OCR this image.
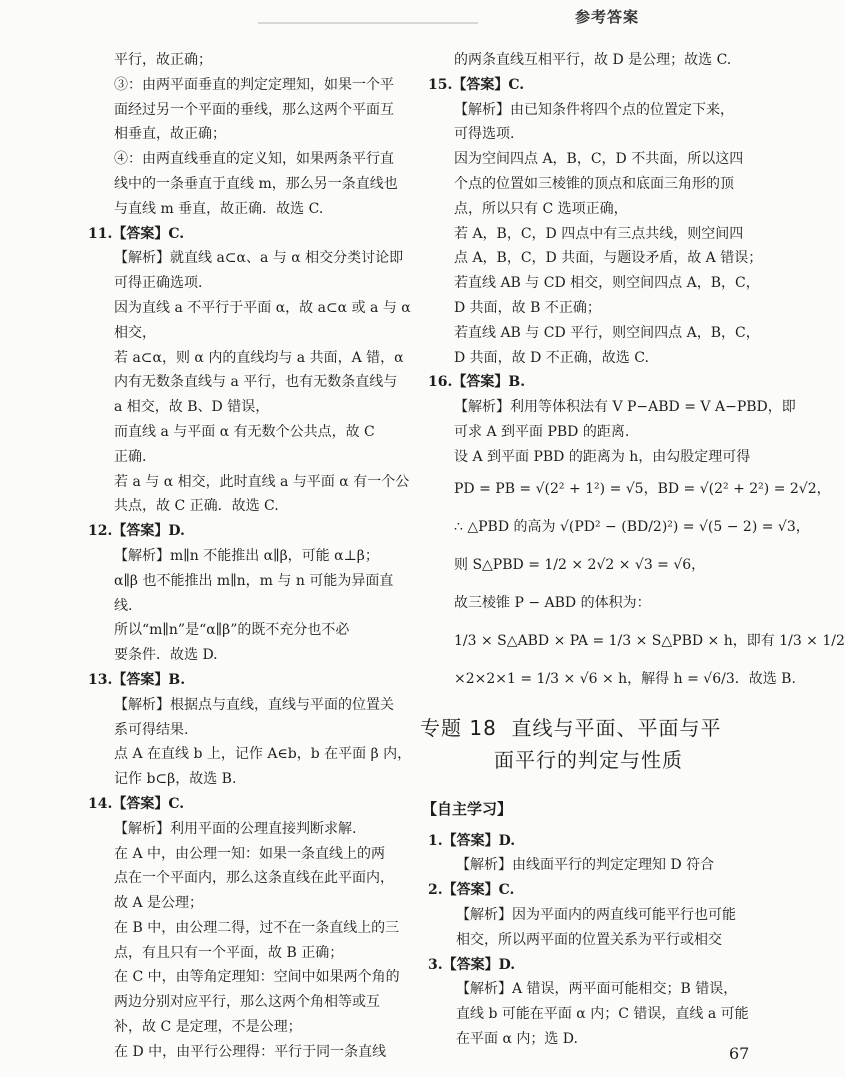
参考答案
平行，故正确；
③：由两平面垂直的判定定理知，如果一个平
面经过另一个平面的垂线，那么这两个平面互
相垂直，故正确；
④：由两直线垂直的定义知，如果两条平行直
线中的一条垂直于直线 m，那么另一条直线也
与直线 m 垂直，故正确．故选 C.
11.【答案】C.
【解析】就直线 a⊂α、a 与 α 相交分类讨论即
可得正确选项.
因为直线 a 不平行于平面 α，故 a⊂α 或 a 与 α
相交，
若 a⊂α，则 α 内的直线均与 a 共面，A 错，α
内有无数条直线与 a 平行，也有无数条直线与
a 相交，故 B、D 错误，
而直线 a 与平面 α 有无数个公共点，故 C
正确.
若 a 与 α 相交，此时直线 a 与平面 α 有一个公
共点，故 C 正确．故选 C.
12.【答案】D.
【解析】m∥n 不能推出 α∥β，可能 α⊥β；
α∥β 也不能推出 m∥n，m 与 n 可能为异面直
线.
所以“m∥n”是“α∥β”的既不充分也不必
要条件．故选 D.
13.【答案】B.
【解析】根据点与直线，直线与平面的位置关
系可得结果.
点 A 在直线 b 上，记作 A∈b，b 在平面 β 内，
记作 b⊂β，故选 B.
14.【答案】C.
【解析】利用平面的公理直接判断求解.
在 A 中，由公理一知：如果一条直线上的两
点在一个平面内，那么这条直线在此平面内，
故 A 是公理；
在 B 中，由公理二得，过不在一条直线上的三
点，有且只有一个平面，故 B 正确；
在 C 中，由等角定理知：空间中如果两个角的
两边分别对应平行，那么这两个角相等或互
补，故 C 是定理，不是公理；
在 D 中，由平行公理得：平行于同一条直线
的两条直线互相平行，故 D 是公理；故选 C.
15.【答案】C.
【解析】由已知条件将四个点的位置定下来，
可得选项.
因为空间四点 A，B，C，D 不共面，所以这四
个点的位置如三棱锥的顶点和底面三角形的顶
点，所以只有 C 选项正确，
若 A，B，C，D 四点中有三点共线，则空间四
点 A，B，C，D 共面，与题设矛盾，故 A 错误；
若直线 AB 与 CD 相交，则空间四点 A，B，C，
D 共面，故 B 不正确；
若直线 AB 与 CD 平行，则空间四点 A，B，C，
D 共面，故 D 不正确，故选 C.
16.【答案】B.
【解析】利用等体积法有 V P−ABD = V A−PBD，即
可求 A 到平面 PBD 的距离.
设 A 到平面 PBD 的距离为 h，由勾股定理可得
PD = PB = √(2² + 1²) = √5，BD = √(2² + 2²) = 2√2，
∴ △PBD 的高为 √(PD² − (BD/2)²) = √(5 − 2) = √3，
则 S△PBD = 1/2 × 2√2 × √3 = √6，
故三棱锥 P − ABD 的体积为：
1/3 × S△ABD × PA = 1/3 × S△PBD × h，即有 1/3 × 1/2
×2×2×1 = 1/3 × √6 × h，解得 h = √6/3．故选 B.
专题 18 直线与平面、平面与平
面平行的判定与性质
【自主学习】
1.【答案】D.
【解析】由线面平行的判定定理知 D 符合
2.【答案】C.
【解析】因为平面内的两直线可能平行也可能
相交，所以两平面的位置关系为平行或相交
3.【答案】D.
【解析】A 错误，两平面可能相交；B 错误，
直线 b 可能在平面 α 内；C 错误，直线 a 可能
在平面 α 内；选 D.
67
